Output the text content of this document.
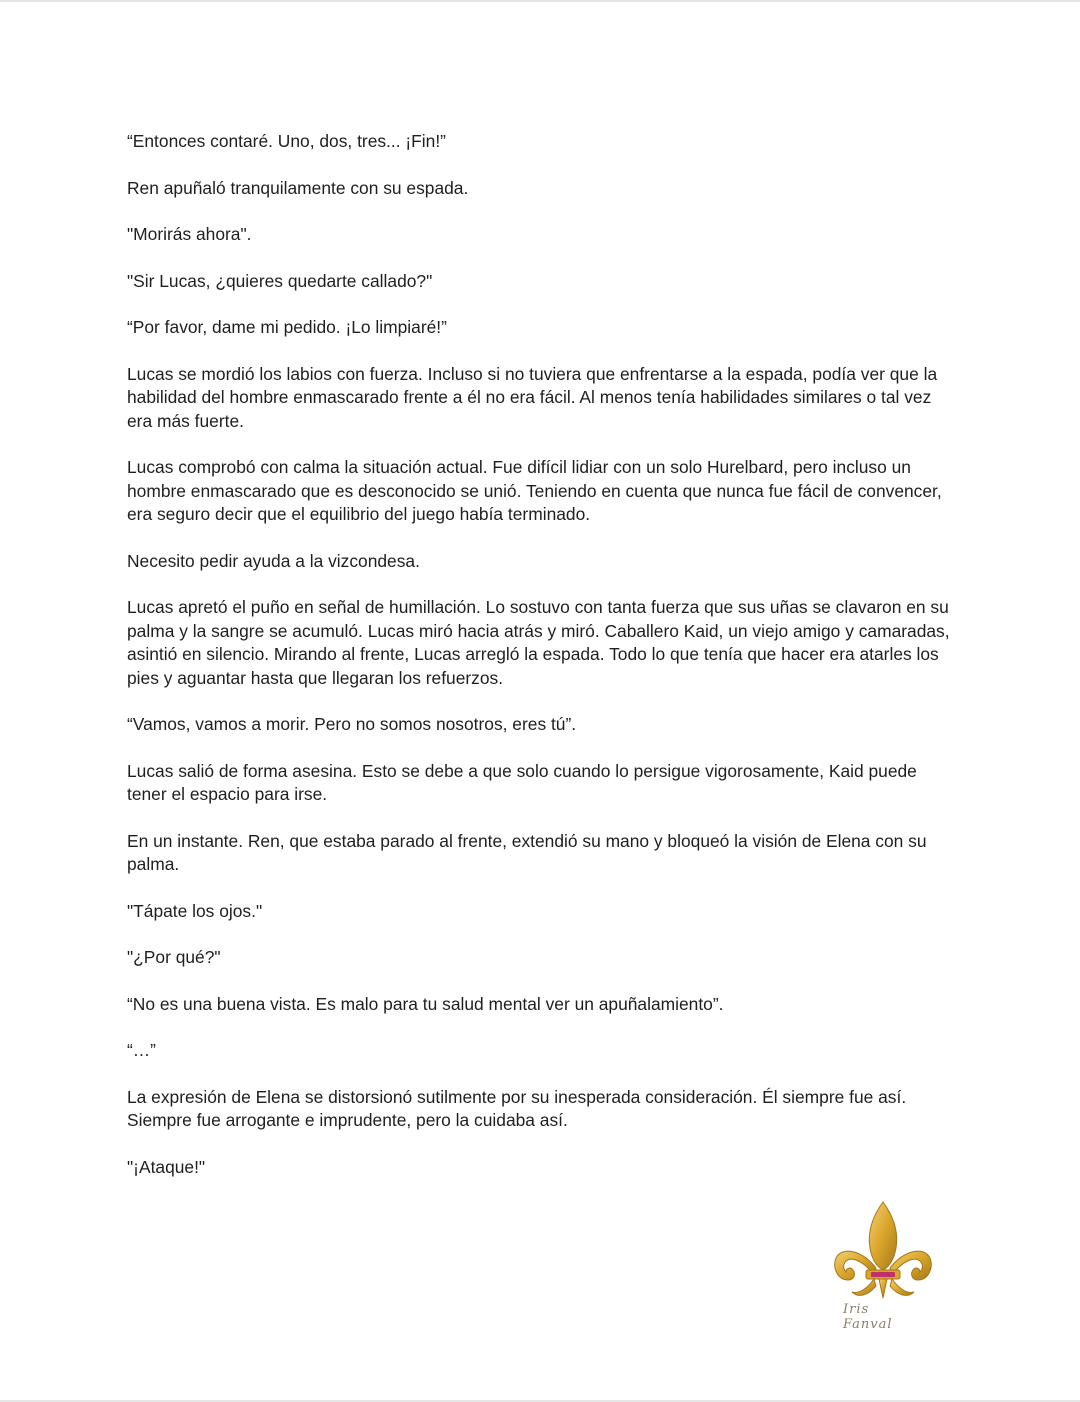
“Entonces contaré. Uno, dos, tres... ¡Fin!”

Ren apuñaló tranquilamente con su espada.

"Morirás ahora".

"Sir Lucas, ¿quieres quedarte callado?"

“Por favor, dame mi pedido. ¡Lo limpiaré!”

Lucas se mordió los labios con fuerza. Incluso si no tuviera que enfrentarse a la espada, podía ver que la habilidad del hombre enmascarado frente a él no era fácil. Al menos tenía habilidades similares o tal vez era más fuerte.

Lucas comprobó con calma la situación actual. Fue difícil lidiar con un solo Hurelbard, pero incluso un hombre enmascarado que es desconocido se unió. Teniendo en cuenta que nunca fue fácil de convencer, era seguro decir que el equilibrio del juego había terminado.

Necesito pedir ayuda a la vizcondesa.

Lucas apretó el puño en señal de humillación. Lo sostuvo con tanta fuerza que sus uñas se clavaron en su palma y la sangre se acumuló. Lucas miró hacia atrás y miró. Caballero Kaid, un viejo amigo y camaradas, asintió en silencio. Mirando al frente, Lucas arregló la espada. Todo lo que tenía que hacer era atarles los pies y aguantar hasta que llegaran los refuerzos.

“Vamos, vamos a morir. Pero no somos nosotros, eres tú”.

Lucas salió de forma asesina. Esto se debe a que solo cuando lo persigue vigorosamente, Kaid puede tener el espacio para irse.

En un instante. Ren, que estaba parado al frente, extendió su mano y bloqueó la visión de Elena con su palma.

"Tápate los ojos."

"¿Por qué?"

“No es una buena vista. Es malo para tu salud mental ver un apuñalamiento”.

“…”

La expresión de Elena se distorsionó sutilmente por su inesperada consideración. Él siempre fue así. Siempre fue arrogante e imprudente, pero la cuidaba así.

"¡Ataque!"

Iris Fanval
